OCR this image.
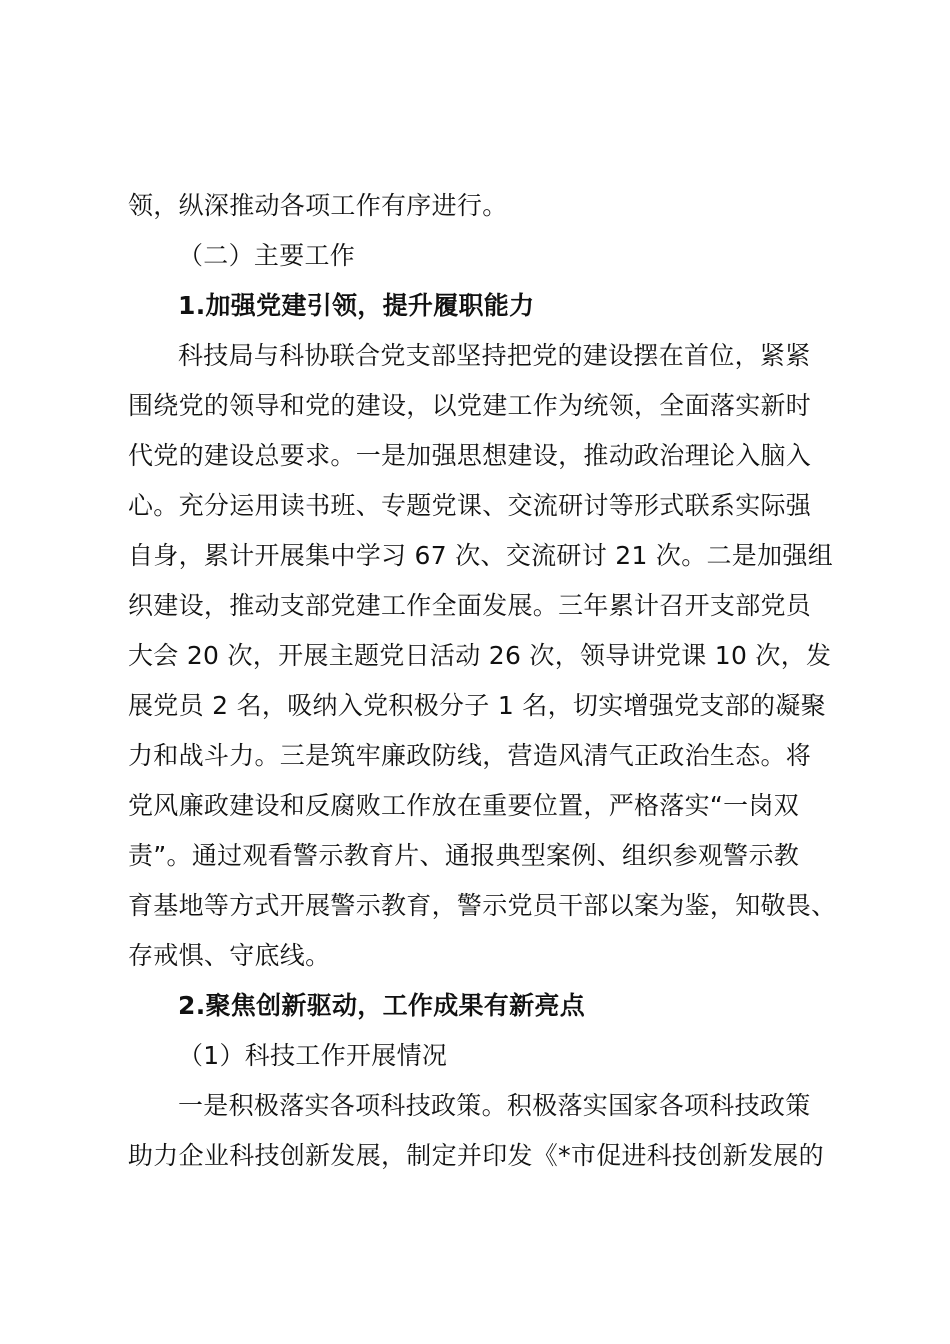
领，纵深推动各项工作有序进行。
（二）主要工作
1.加强党建引领，提升履职能力
科技局与科协联合党支部坚持把党的建设摆在首位，紧紧
围绕党的领导和党的建设，以党建工作为统领，全面落实新时
代党的建设总要求。一是加强思想建设，推动政治理论入脑入
心。充分运用读书班、专题党课、交流研讨等形式联系实际强
自身，累计开展集中学习 67 次、交流研讨 21 次。二是加强组
织建设，推动支部党建工作全面发展。三年累计召开支部党员
大会 20 次，开展主题党日活动 26 次，领导讲党课 10 次，发
展党员 2 名，吸纳入党积极分子 1 名，切实增强党支部的凝聚
力和战斗力。三是筑牢廉政防线，营造风清气正政治生态。将
党风廉政建设和反腐败工作放在重要位置，严格落实“一岗双
责”。通过观看警示教育片、通报典型案例、组织参观警示教
育基地等方式开展警示教育，警示党员干部以案为鉴，知敬畏、
存戒惧、守底线。
2.聚焦创新驱动，工作成果有新亮点
（1）科技工作开展情况
一是积极落实各项科技政策。积极落实国家各项科技政策
助力企业科技创新发展，制定并印发《*市促进科技创新发展的
